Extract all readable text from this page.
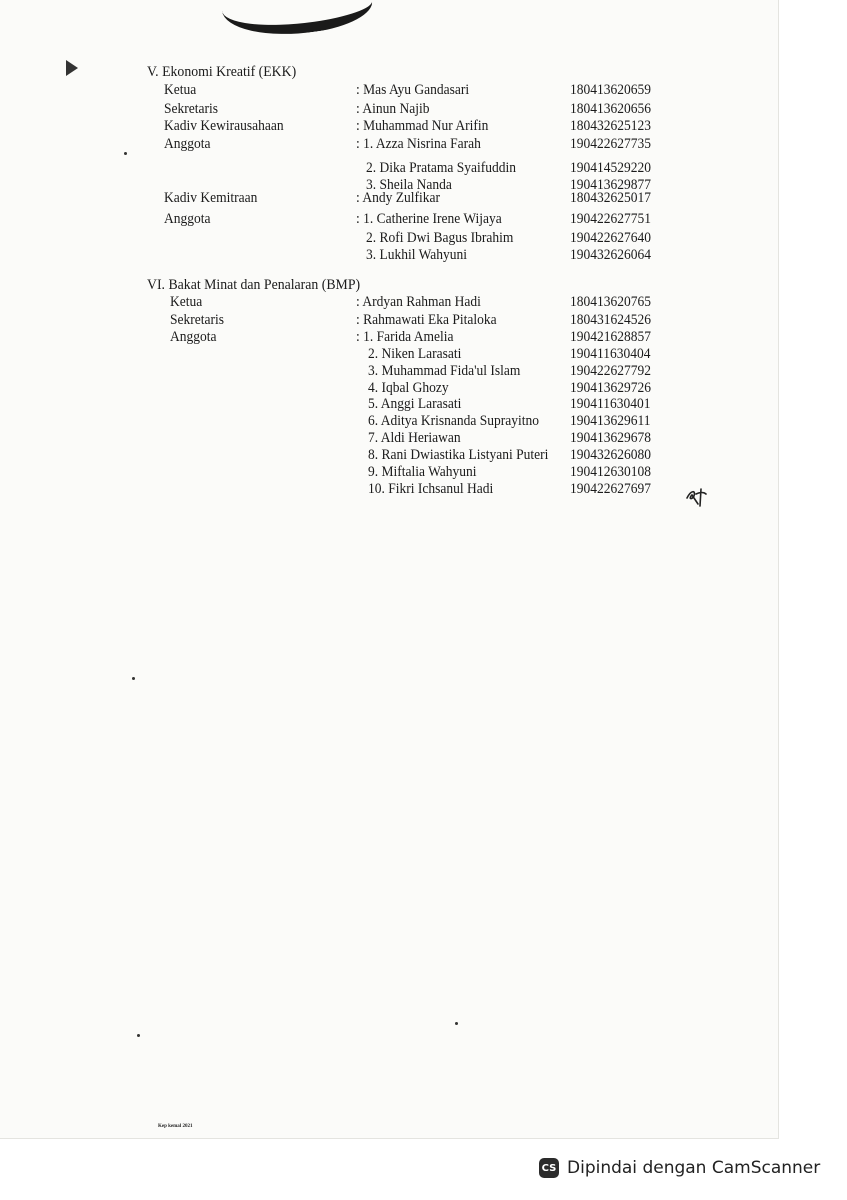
V. Ekonomi Kreatif (EKK)
Ketua	: Mas Ayu Gandasari	180413620659
Sekretaris	: Ainun Najib	180413620656
Kadiv Kewirausahaan	: Muhammad Nur Arifin	180432625123
Anggota	: 1. Azza Nisrina Farah	190422627735
2. Dika Pratama Syaifuddin	190414529220
3. Sheila Nanda	190413629877
Kadiv Kemitraan	: Andy Zulfikar	180432625017
Anggota	: 1. Catherine Irene Wijaya	190422627751
2. Rofi Dwi Bagus Ibrahim	190422627640
3. Lukhil Wahyuni	190432626064
VI. Bakat Minat dan Penalaran (BMP)
Ketua	: Ardyan Rahman Hadi	180413620765
Sekretaris	: Rahmawati Eka Pitaloka	180431624526
Anggota	: 1. Farida Amelia	190421628857
2. Niken Larasati	190411630404
3. Muhammad Fida'ul Islam	190422627792
4. Iqbal Ghozy	190413629726
5. Anggi Larasati	190411630401
6. Aditya Krisnanda Suprayitno 190413629611
7. Aldi Heriawan	190413629678
8. Rani Dwiastika Listyani Puteri 190432626080
9. Miftalia Wahyuni	190412630108
10. Fikri Ichsanul Hadi	190422627697
Kep kemal 2021
CS Dipindai dengan CamScanner
